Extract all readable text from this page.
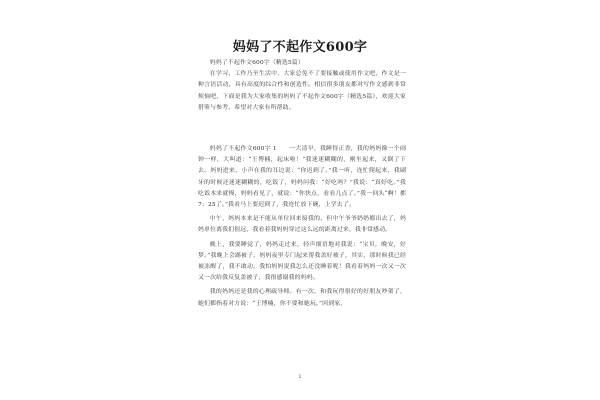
妈妈了不起作文600字

妈妈了不起作文600字（精选5篇）

在学习、工作乃至生活中，大家总免不了要接触或使用作文吧，作文是一种言语活动，具有高度的综合性和创造性。相信很多朋友都对写作文感到非常烦恼吧，下面是我为大家收集的妈妈了不起作文600字（精选5篇），欢迎大家借鉴与参考，希望对大家有所帮助。

妈妈了不起作文600字 1　　一大清早，我睡得正香，我的妈妈像一个闹钟一样，大叫道：“王博楠，起床啦！”我迷迷糊糊的，刚坐起来，又倒了下去。妈妈进来，小声在我的耳边说：“你迟到了。”我一听，连忙爬起来，我刷牙的时候还迷迷糊糊的，吃饭了，妈妈问我：“好吃吗？”我说：“真好吃。”我吃饭本来就慢，妈妈看见了，就说：“你快点，看看几点了。”我一回头“啊！都7：25了。”我看马上要迟到了，我连忙放下碗，上学去了。

中午，妈妈本来是不能从单位回来接我的，但中午爷爷奶奶都出去了，妈妈单位离我们很远，我看着我妈妈穿过这么远的距离过来，我非常感动。

晚上，我要睡觉了，妈妈走过来，轻声细语地对我说：“宝贝，晚安，好梦。”我晚上会踢被子，妈妈夜里专门起来帮我盖好被子，其实，那时候我已经被冻醒了，我不敢动，我怕妈妈说我怎么还没睡着呢！我看着妈妈一次又一次又一次给我反复盖被子，我很感谢我的妈妈。

我的妈妈还是我的心理疏导师。有一次，和我玩得很好的好朋友吵架了，她们都指着对方说：“王博楠，你不要和她玩。”回到家，

1
